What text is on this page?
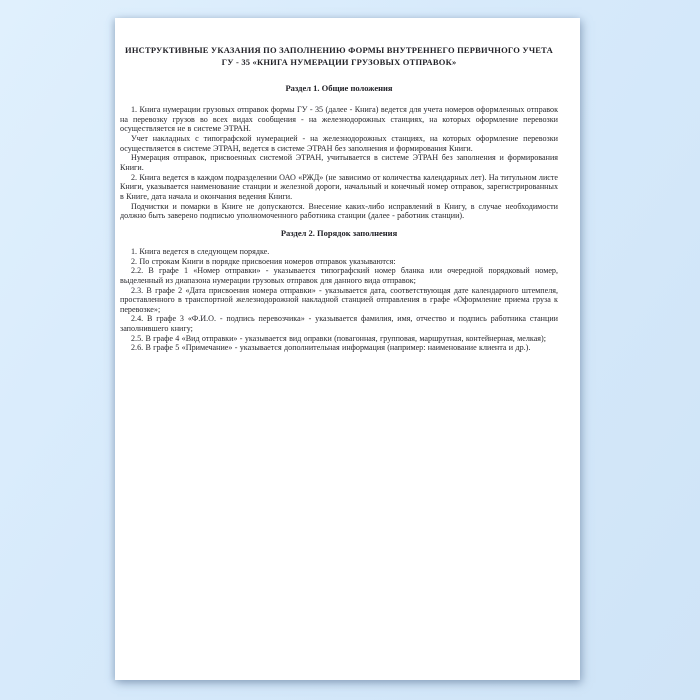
ИНСТРУКТИВНЫЕ УКАЗАНИЯ ПО ЗАПОЛНЕНИЮ ФОРМЫ ВНУТРЕННЕГО ПЕРВИЧНОГО УЧЕТА
ГУ - 35 «КНИГА НУМЕРАЦИИ ГРУЗОВЫХ ОТПРАВОК»
Раздел 1. Общие положения

1. Книга нумерации грузовых отправок формы ГУ - 35 (далее - Книга) ведется для учета номеров оформленных отправок на перевозку грузов во всех видах сообщения - на железнодорожных станциях, на которых оформление перевозки осуществляется не в системе ЭТРАН.

Учет накладных с типографской нумерацией - на железнодорожных станциях, на которых оформление перевозки осуществляется в системе ЭТРАН, ведется в системе ЭТРАН без заполнения и формирования Книги.

Нумерация отправок, присвоенных системой ЭТРАН, учитывается в системе ЭТРАН без заполнения и формирования Книги.

2. Книга ведется в каждом подразделении ОАО «РЖД» (не зависимо от количества календарных лет). На титульном листе Книги, указывается наименование станции и железной дороги, начальный и конечный номер отправок, зарегистрированных в Книге, дата начала и окончания ведения Книги.

Подчистки и помарки в Книге не допускаются. Внесение каких-либо исправлений в Книгу, в случае необходимости должно быть заверено подписью уполномоченного работника станции (далее - работник станции).

Раздел 2. Порядок заполнения

1. Книга ведется в следующем порядке.

2. По строкам Книги в порядке присвоения номеров отправок указываются:

2.2. В графе 1 «Номер отправки» - указывается типографский номер бланка или очередной порядковый номер, выделенный из диапазона нумерации грузовых отправок для данного вида отправок;

2.3. В графе 2 «Дата присвоения номера отправки» - указывается дата, соответствующая дате календарного штемпеля, проставленного в транспортной железнодорожной накладной станцией отправления в графе «Оформление приема груза к перевозке»;

2.4. В графе 3 «Ф.И.О. - подпись перевозчика» - указывается фамилия, имя, отчество и подпись работника станции заполнившего книгу;

2.5. В графе 4 «Вид отправки» - указывается вид оправки (повагонная, групповая, маршрутная, контейнерная, мелкая);

2.6. В графе 5 «Примечание» - указывается дополнительная информация (например: наименование клиента и др.).
